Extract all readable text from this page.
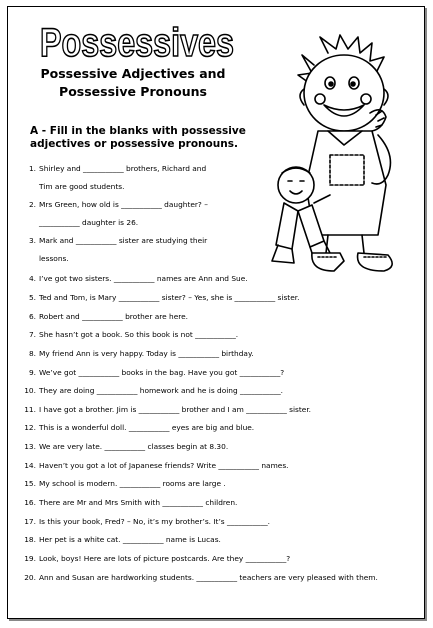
Possessives
Possessive Adjectives and
Possessive Pronouns
A - Fill in the blanks with possessive
adjectives or possessive pronouns.
1. Shirley and ___________ brothers, Richard and
Tim are good students.
2. Mrs Green, how old is ___________ daughter? –
___________ daughter is 26.
3. Mark and ___________ sister are studying their
lessons.
4. I’ve got two sisters. ___________ names are Ann and Sue.
5. Ted and Tom, is Mary ___________ sister? – Yes, she is ___________ sister.
6. Robert and ___________ brother are here.
7. She hasn’t got a book. So this book is not ___________.
8. My friend Ann is very happy. Today is ___________ birthday.
9. We’ve got ___________ books in the bag. Have you got ___________?
10. They are doing ___________ homework and he is doing ___________.
11. I have got a brother. Jim is ___________ brother and I am ___________ sister.
12. This is a wonderful doll. ___________ eyes are big and blue.
13. We are very late. ___________ classes begin at 8.30.
14. Haven’t you got a lot of Japanese friends? Write ___________ names.
15. My school is modern. ___________ rooms are large .
16. There are Mr and Mrs Smith with ___________ children.
17. Is this your book, Fred? – No, it’s my brother’s. It’s ___________.
18. Her pet is a white cat. ___________ name is Lucas.
19. Look, boys! Here are lots of picture postcards. Are they ___________?
20. Ann and Susan are hardworking students. ___________ teachers are very pleased with them.
